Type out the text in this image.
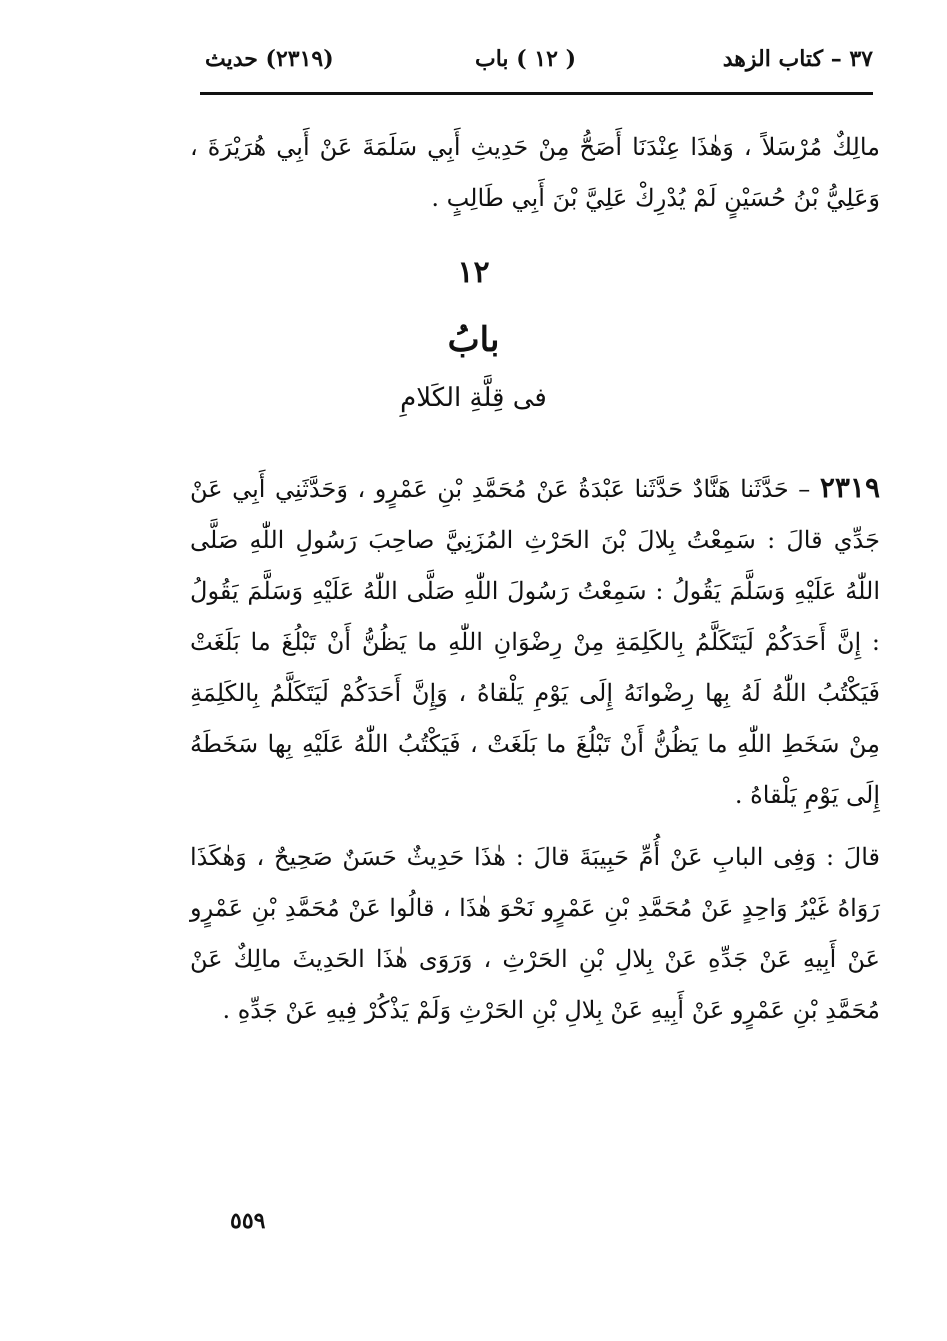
٣٧ – كتاب الزهد
( ١٢ ) باب
(٢٣١٩) حديث
مالِكٌ مُرْسَلاً ، وَهٰذَا عِنْدَنَا أَصَحُّ مِنْ حَدِيثِ أَبِي سَلَمَةَ عَنْ أَبِي هُرَيْرَةَ ، وَعَلِيُّ بْنُ حُسَيْنٍ لَمْ يُدْرِكْ عَلِيَّ بْنَ أَبِي طَالِبٍ .
١٢
بابُ
فى قِلَّةِ الكَلامِ
٢٣١٩ – حَدَّثَنا هَنَّادٌ حَدَّثَنا عَبْدَةُ عَنْ مُحَمَّدِ بْنِ عَمْرٍو ، وَحَدَّثَنِي أَبِي عَنْ جَدِّي قالَ : سَمِعْتُ بِلالَ بْنَ الحَرْثِ المُزَنِيَّ صاحِبَ رَسُولِ اللّٰهِ صَلَّى اللّٰهُ عَلَيْهِ وَسَلَّمَ يَقُولُ : سَمِعْتُ رَسُولَ اللّٰهِ صَلَّى اللّٰهُ عَلَيْهِ وَسَلَّمَ يَقُولُ : إِنَّ أَحَدَكُمْ لَيَتَكَلَّمُ بِالكَلِمَةِ مِنْ رِضْوَانِ اللّٰهِ ما يَظُنُّ أَنْ تَبْلُغَ ما بَلَغَتْ فَيَكْتُبُ اللّٰهُ لَهُ بِها رِضْوانَهُ إِلَى يَوْمِ يَلْقاهُ ، وَإِنَّ أَحَدَكُمْ لَيَتَكَلَّمُ بِالكَلِمَةِ مِنْ سَخَطِ اللّٰهِ ما يَظُنُّ أَنْ تَبْلُغَ ما بَلَغَتْ ، فَيَكْتُبُ اللّٰهُ عَلَيْهِ بِها سَخَطَهُ إِلَى يَوْمِ يَلْقاهُ .
قالَ : وَفِى البابِ عَنْ أُمِّ حَبِيبَةَ قالَ : هٰذَا حَدِيثٌ حَسَنٌ صَحِيحٌ ، وَهٰكَذَا رَوَاهُ غَيْرُ وَاحِدٍ عَنْ مُحَمَّدِ بْنِ عَمْرٍو نَحْوَ هٰذَا ، قالُوا عَنْ مُحَمَّدِ بْنِ عَمْرٍو عَنْ أَبِيهِ عَنْ جَدِّهِ عَنْ بِلالِ بْنِ الحَرْثِ ، وَرَوَى هٰذَا الحَدِيثَ مالِكٌ عَنْ مُحَمَّدِ بْنِ عَمْرٍو عَنْ أَبِيهِ عَنْ بِلالِ بْنِ الحَرْثِ وَلَمْ يَذْكُرْ فِيهِ عَنْ جَدِّهِ .
٥٥٩
